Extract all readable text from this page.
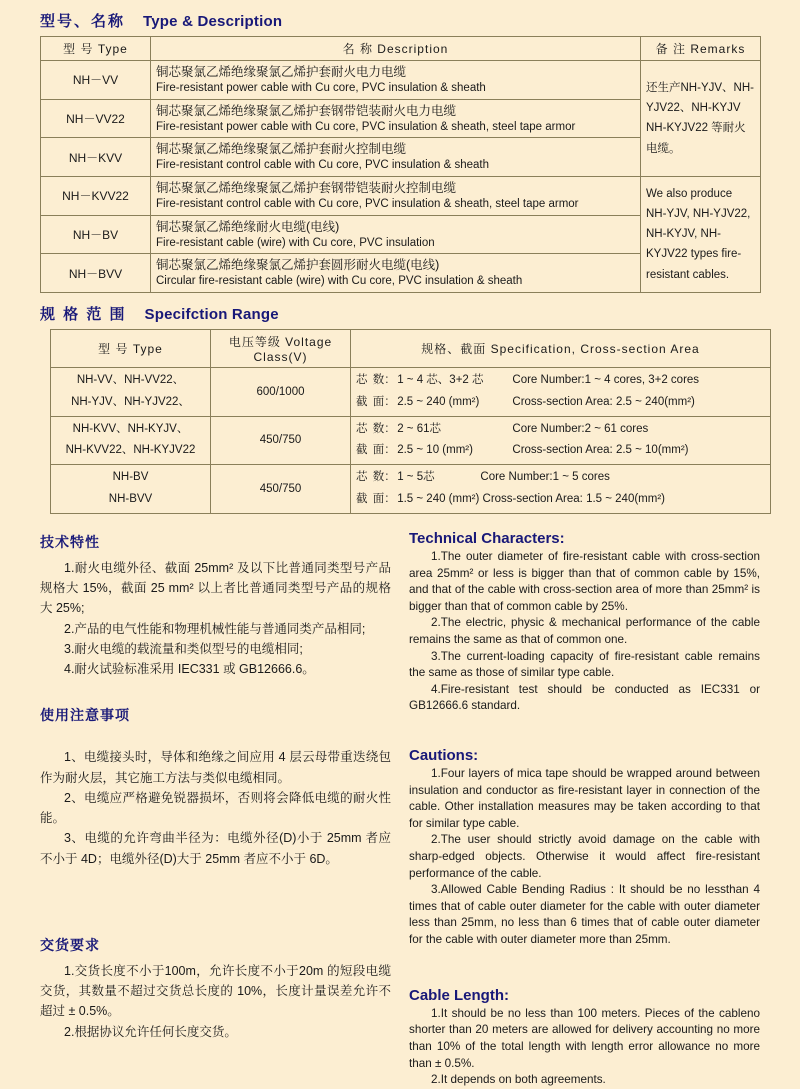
型号、名称 Type & Description
型 号 Type	名 称 Description	备 注 Remarks
NH－VV	铜芯聚氯乙烯绝缘聚氯乙烯护套耐火电力电缆
Fire-resistant power cable with Cu core, PVC insulation & sheath	还生产NH-YJV、NH-YJV22、NH-KYJV NH-KYJV22 等耐火电缆。

NH－VV22	铜芯聚氯乙烯绝缘聚氯乙烯护套钢带铠装耐火电力电缆
Fire-resistant power cable with Cu core, PVC insulation & sheath, steel tape armor	

NH－KVV	铜芯聚氯乙烯绝缘聚氯乙烯护套耐火控制电缆
Fire-resistant control cable with Cu core, PVC insulation & sheath	

NH－KVV22	铜芯聚氯乙烯绝缘聚氯乙烯护套钢带铠装耐火控制电缆
Fire-resistant control cable with Cu core, PVC insulation & sheath, steel tape armor	We also produce NH-YJV, NH-YJV22, NH-KYJV, NH-KYJV22 types fire-resistant cables.

NH－BV	铜芯聚氯乙烯绝缘耐火电缆(电线)
Fire-resistant cable (wire) with Cu core, PVC insulation	

NH－BVV	铜芯聚氯乙烯绝缘聚氯乙烯护套圆形耐火电缆(电线)
Circular fire-resistant cable (wire) with Cu core, PVC insulation & sheath	
规 格 范 围 Specifction Range
型 号 Type	电压等级 Voltage Class(V)	规格、截面 Specification, Cross-section Area

NH-VV、NH-VV22、
NH-YJV、NH-YJV22、
	600/1000	
芯 数: 1 ~ 4 芯、3+2 芯	Core Number:1 ~ 4 cores, 3+2 cores
截 面: 2.5 ~ 240 (mm²)	Cross-section Area: 2.5 ~ 240(mm²)

NH-KVV、NH-KYJV、
NH-KVV22、NH-KYJV22
	450/750	
芯 数: 2 ~ 61芯	Core Number:2 ~ 61 cores
截 面: 2.5 ~ 10 (mm²)	Cross-section Area: 2.5 ~ 10(mm²)

NH-BV
NH-BVV
	450/750	
芯 数: 1 ~ 5芯	Core Number:1 ~ 5 cores
截 面: 1.5 ~ 240 (mm²) Cross-section Area: 1.5 ~ 240(mm²)
技术特性

1.耐火电缆外径、截面 25mm² 及以下比普通同类型号产品规格大 15%，截面 25 mm² 以上者比普通同类型号产品的规格大 25%;

2.产品的电气性能和物理机械性能与普通同类产品相同;

3.耐火电缆的载流量和类似型号的电缆相同;

4.耐火试验标准采用 IEC331 或 GB12666.6。

使用注意事项

1、电缆接头时，导体和绝缘之间应用 4 层云母带重迭绕包作为耐火层，其它施工方法与类似电缆相同。

2、电缆应严格避免锐器损坏，否则将会降低电缆的耐火性能。

3、电缆的允许弯曲半径为：电缆外径(D)小于 25mm 者应不小于 4D；电缆外径(D)大于 25mm 者应不小于 6D。

交货要求

1.交货长度不小于100m，允许长度不小于20m 的短段电缆交货，其数量不超过交货总长度的 10%，长度计量误差允许不超过 ± 0.5%。

2.根据协议允许任何长度交货。

Technical Characters:

1.The outer diameter of fire-resistant cable with cross-section area 25mm² or less is bigger than that of common cable by 15%, and that of the cable with cross-section area of more than 25mm² is bigger than that of common cable by 25%.

2.The electric, physic & mechanical performance of the cable remains the same as that of common one.

3.The current-loading capacity of fire-resistant cable remains the same as those of similar type cable.

4.Fire-resistant test should be conducted as IEC331 or GB12666.6 standard.

Cautions:

1.Four layers of mica tape should be wrapped around between insulation and conductor as fire-resistant layer in connection of the cable. Other installation measures may be taken according to that for similar type cable.

2.The user should strictly avoid damage on the cable with sharp-edged objects. Otherwise it would affect fire-resistant performance of the cable.

3.Allowed Cable Bending Radius : It should be no lessthan 4 times that of cable outer diameter for the cable with outer diameter less than 25mm, no less than 6 times that of cable outer diameter for the cable with outer diameter more than 25mm.

Cable Length:

1.It should be no less than 100 meters. Pieces of the cableno shorter than 20 meters are allowed for delivery accounting no more than 10% of the total length with length error allowance no more than ± 0.5%.

2.It depends on both agreements.
